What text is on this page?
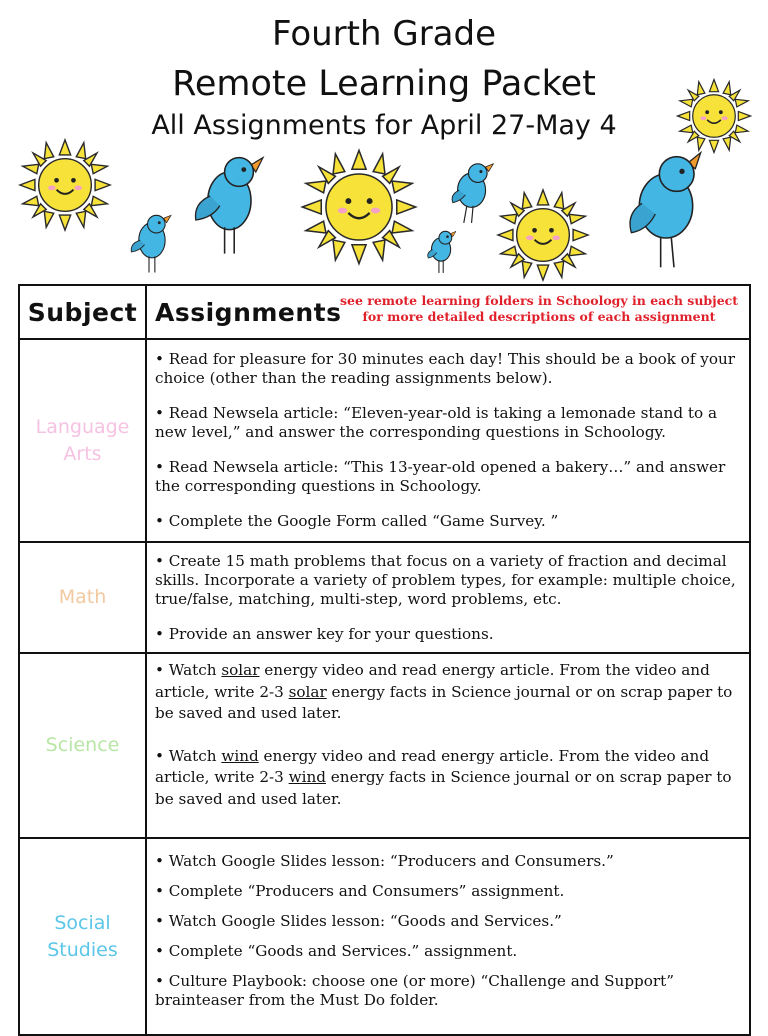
Fourth Grade
Remote Learning Packet
All Assignments for April 27-May 4
Subject	Assignments
see remote learning folders in Schoology in each subject for more detailed descriptions of each assignment

Language Arts	• Read for pleasure for 30 minutes each day! This should be a book of your choice (other than the reading assignments below).

• Read Newsela article: “Eleven-year-old is taking a lemonade stand to a new level,” and answer the corresponding questions in Schoology.

• Read Newsela article: “This 13-year-old opened a bakery…” and answer the corresponding questions in Schoology.

• Complete the Google Form called “Game Survey. ”

Math	• Create 15 math problems that focus on a variety of fraction and decimal skills. Incorporate a variety of problem types, for example: multiple choice, true/false, matching, multi-step, word problems, etc.

• Provide an answer key for your questions.

Science	• Watch solar energy video and read energy article. From the video and article, write 2-3 solar energy facts in Science journal or on scrap paper to be saved and used later.

• Watch wind energy video and read energy article. From the video and article, write 2-3 wind energy facts in Science journal or on scrap paper to be saved and used later.

Social Studies	• Watch Google Slides lesson: “Producers and Consumers.”

• Complete “Producers and Consumers” assignment.

• Watch Google Slides lesson: “Goods and Services.”

• Complete “Goods and Services.” assignment.

• Culture Playbook: choose one (or more) “Challenge and Support” brainteaser from the Must Do folder.
